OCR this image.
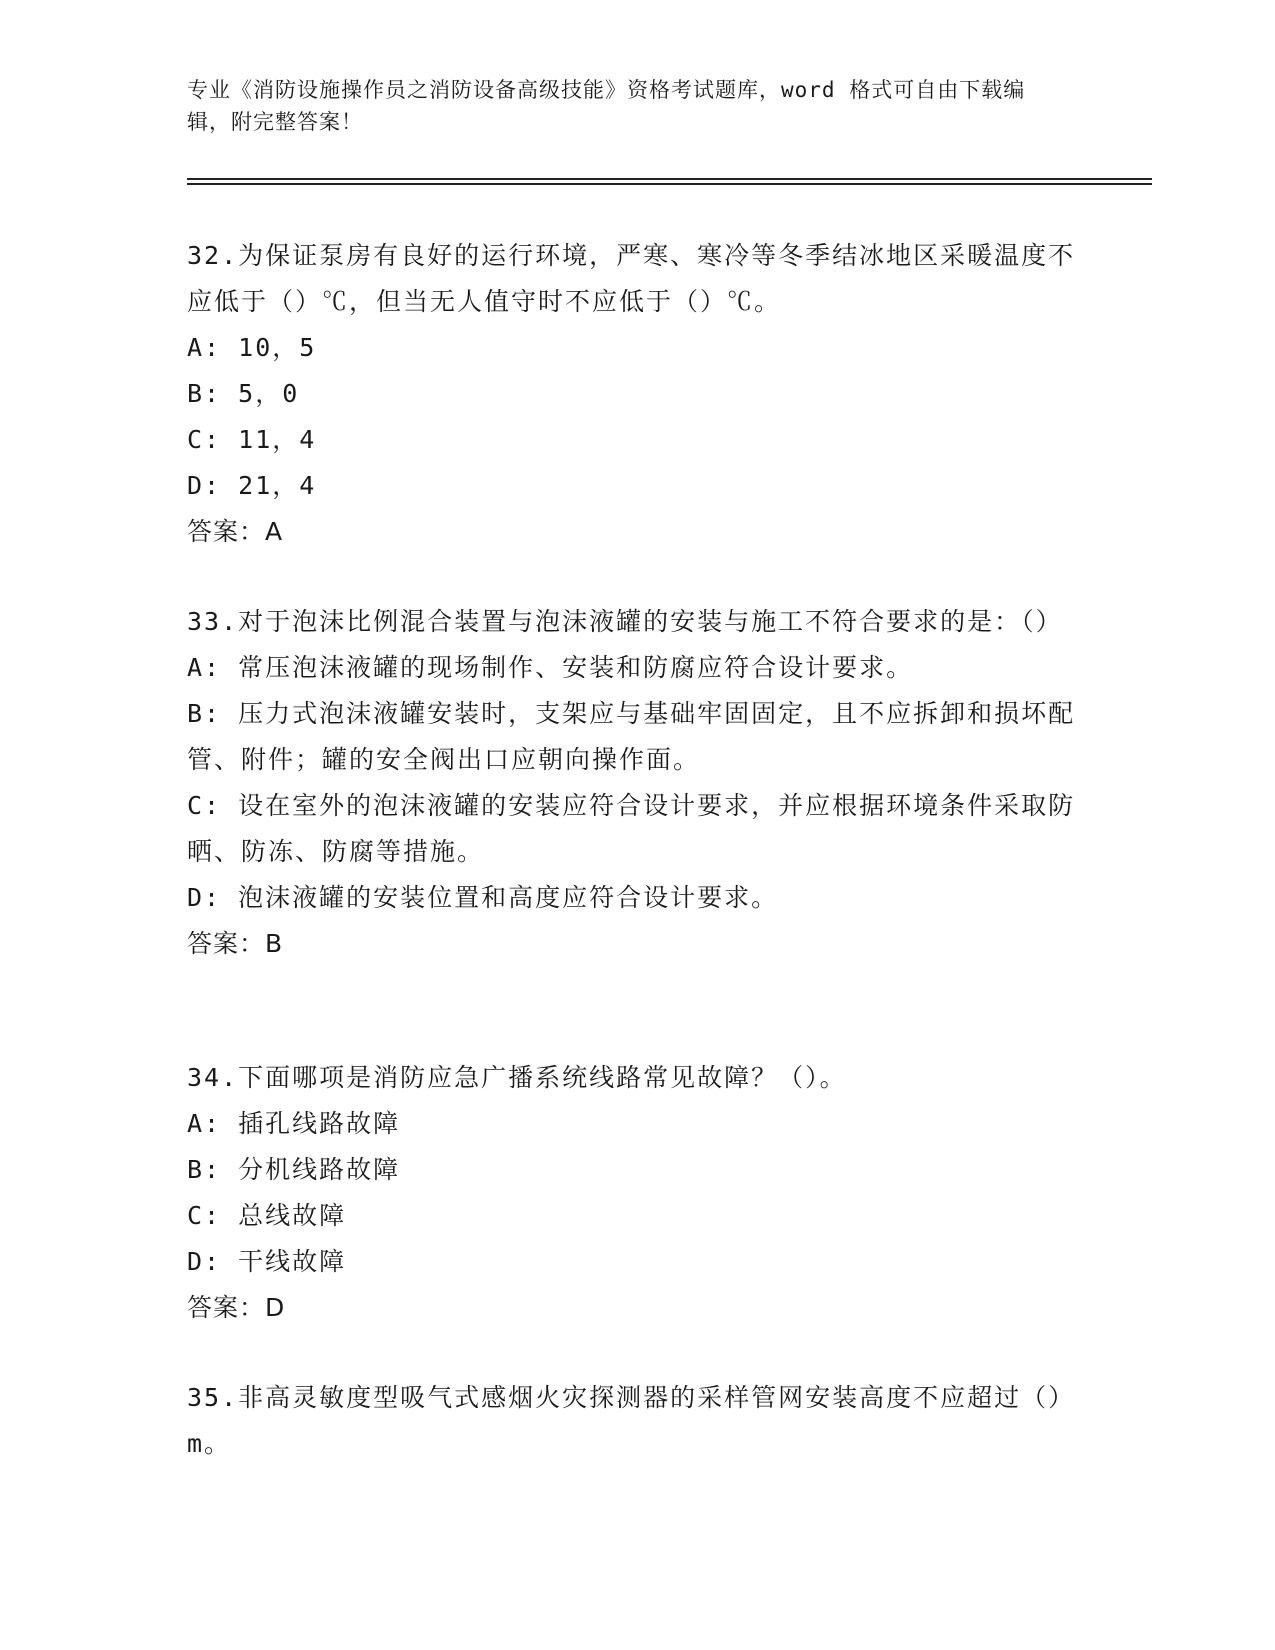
专业《消防设施操作员之消防设备高级技能》资格考试题库，word 格式可自由下载编辑，附完整答案！

32.为保证泵房有良好的运行环境，严寒、寒冷等冬季结冰地区采暖温度不应低于（）℃，但当无人值守时不应低于（）℃。

A: 10，5

B: 5，0

C: 11，4

D: 21，4

答案：A

33.对于泡沫比例混合装置与泡沫液罐的安装与施工不符合要求的是：（）

A: 常压泡沫液罐的现场制作、安装和防腐应符合设计要求。

B: 压力式泡沫液罐安装时，支架应与基础牢固固定，且不应拆卸和损坏配管、附件；罐的安全阀出口应朝向操作面。

C: 设在室外的泡沫液罐的安装应符合设计要求，并应根据环境条件采取防晒、防冻、防腐等措施。

D: 泡沫液罐的安装位置和高度应符合设计要求。

答案：B

34.下面哪项是消防应急广播系统线路常见故障？（）。

A: 插孔线路故障

B: 分机线路故障

C: 总线故障

D: 干线故障

答案：D

35.非高灵敏度型吸气式感烟火灾探测器的采样管网安装高度不应超过（）m。
